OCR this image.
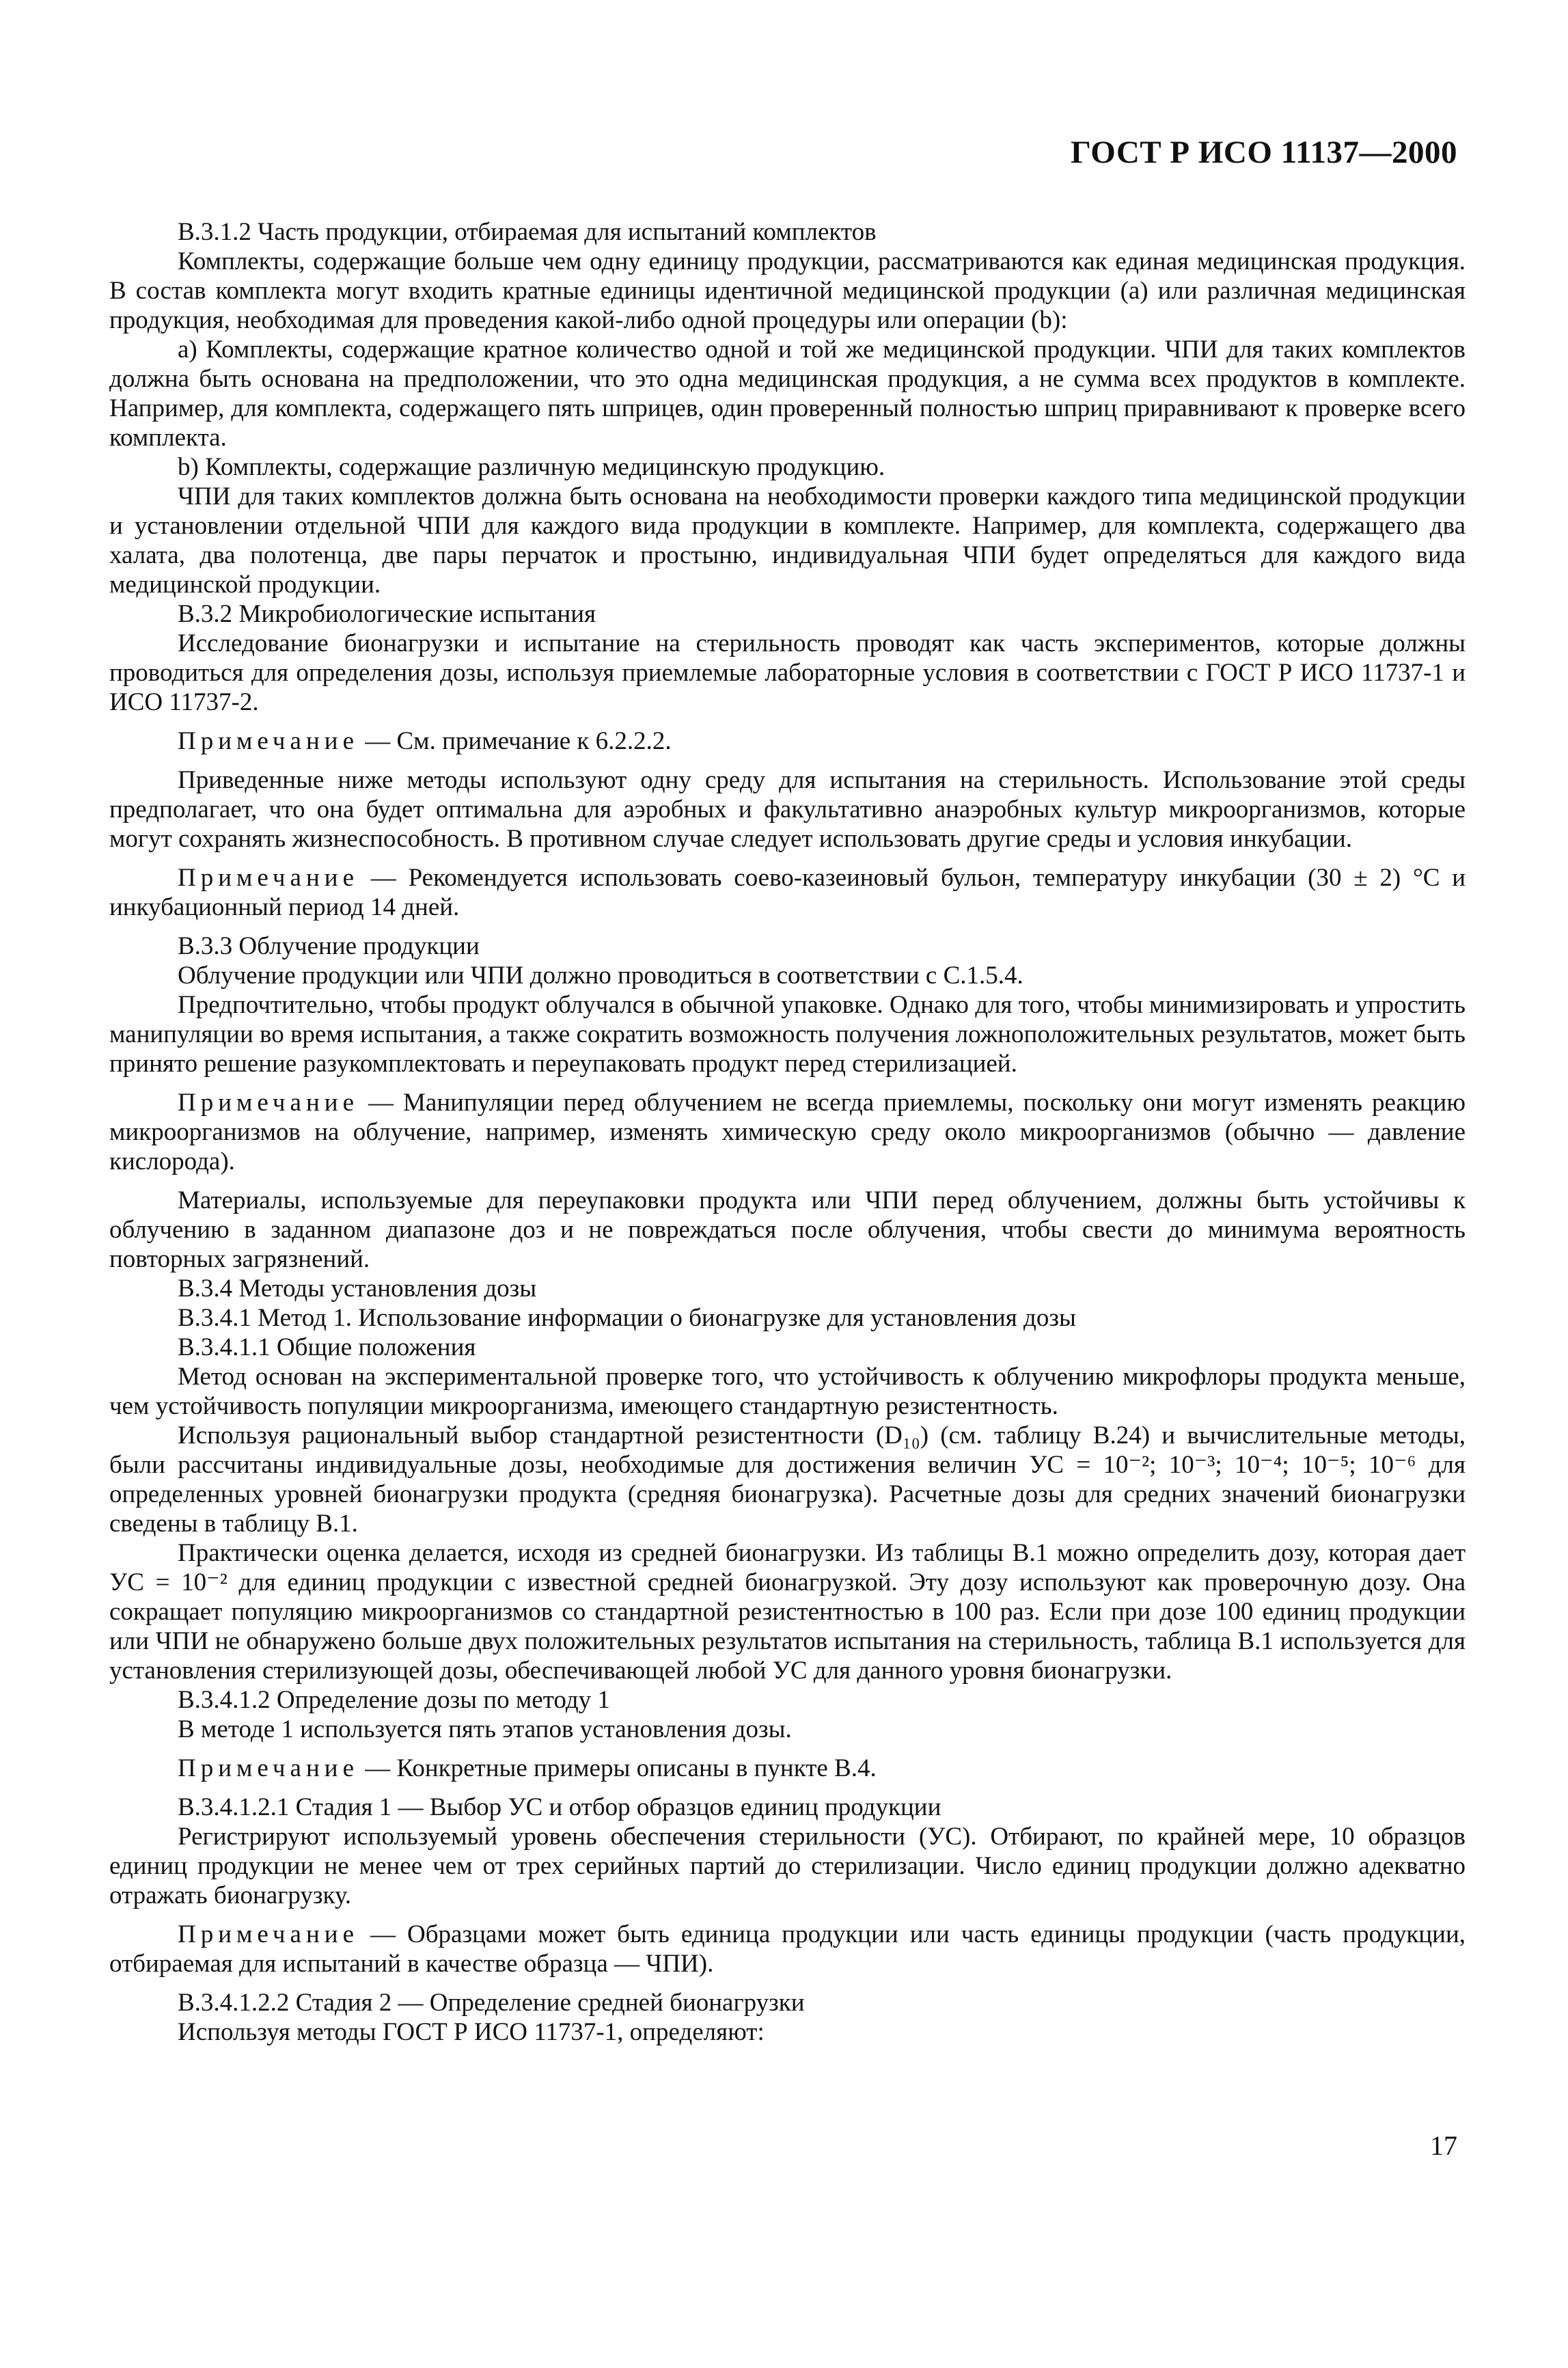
ГОСТ Р ИСО 11137—2000

B.3.1.2 Часть продукции, отбираемая для испытаний комплектов

Комплекты, содержащие больше чем одну единицу продукции, рассматриваются как единая медицинская продукция. В состав комплекта могут входить кратные единицы идентичной медицинской продукции (а) или различная медицинская продукция, необходимая для проведения какой-либо одной процедуры или операции (b):

a) Комплекты, содержащие кратное количество одной и той же медицинской продукции. ЧПИ для таких комплектов должна быть основана на предположении, что это одна медицинская продукция, а не сумма всех продуктов в комплекте. Например, для комплекта, содержащего пять шприцев, один проверенный полностью шприц приравнивают к проверке всего комплекта.

b) Комплекты, содержащие различную медицинскую продукцию.

ЧПИ для таких комплектов должна быть основана на необходимости проверки каждого типа медицинской продукции и установлении отдельной ЧПИ для каждого вида продукции в комплекте. Например, для комплекта, содержащего два халата, два полотенца, две пары перчаток и простыню, индивидуальная ЧПИ будет определяться для каждого вида медицинской продукции.

B.3.2 Микробиологические испытания

Исследование бионагрузки и испытание на стерильность проводят как часть экспериментов, которые должны проводиться для определения дозы, используя приемлемые лабораторные условия в соответствии с ГОСТ Р ИСО 11737-1 и ИСО 11737-2.

Примечание — См. примечание к 6.2.2.2.

Приведенные ниже методы используют одну среду для испытания на стерильность. Использование этой среды предполагает, что она будет оптимальна для аэробных и факультативно анаэробных культур микроорганизмов, которые могут сохранять жизнеспособность. В противном случае следует использовать другие среды и условия инкубации.

Примечание — Рекомендуется использовать соево-казеиновый бульон, температуру инкубации (30 ± 2) °С и инкубационный период 14 дней.

B.3.3 Облучение продукции

Облучение продукции или ЧПИ должно проводиться в соответствии с С.1.5.4.

Предпочтительно, чтобы продукт облучался в обычной упаковке. Однако для того, чтобы минимизировать и упростить манипуляции во время испытания, а также сократить возможность получения ложноположительных результатов, может быть принято решение разукомплектовать и переупаковать продукт перед стерилизацией.

Примечание — Манипуляции перед облучением не всегда приемлемы, поскольку они могут изменять реакцию микроорганизмов на облучение, например, изменять химическую среду около микроорганизмов (обычно — давление кислорода).

Материалы, используемые для переупаковки продукта или ЧПИ перед облучением, должны быть устойчивы к облучению в заданном диапазоне доз и не повреждаться после облучения, чтобы свести до минимума вероятность повторных загрязнений.

B.3.4 Методы установления дозы

B.3.4.1 Метод 1. Использование информации о бионагрузке для установления дозы

B.3.4.1.1 Общие положения

Метод основан на экспериментальной проверке того, что устойчивость к облучению микрофлоры продукта меньше, чем устойчивость популяции микроорганизма, имеющего стандартную резистентность.

Используя рациональный выбор стандартной резистентности (D₁₀) (см. таблицу B.24) и вычислительные методы, были рассчитаны индивидуальные дозы, необходимые для достижения величин УС = 10⁻²; 10⁻³; 10⁻⁴; 10⁻⁵; 10⁻⁶ для определенных уровней бионагрузки продукта (средняя бионагрузка). Расчетные дозы для средних значений бионагрузки сведены в таблицу В.1.

Практически оценка делается, исходя из средней бионагрузки. Из таблицы В.1 можно определить дозу, которая дает УС = 10⁻² для единиц продукции с известной средней бионагрузкой. Эту дозу используют как проверочную дозу. Она сокращает популяцию микроорганизмов со стандартной резистентностью в 100 раз. Если при дозе 100 единиц продукции или ЧПИ не обнаружено больше двух положительных результатов испытания на стерильность, таблица В.1 используется для установления стерилизующей дозы, обеспечивающей любой УС для данного уровня бионагрузки.

B.3.4.1.2 Определение дозы по методу 1

В методе 1 используется пять этапов установления дозы.

Примечание — Конкретные примеры описаны в пункте В.4.

B.3.4.1.2.1 Стадия 1 — Выбор УС и отбор образцов единиц продукции

Регистрируют используемый уровень обеспечения стерильности (УС). Отбирают, по крайней мере, 10 образцов единиц продукции не менее чем от трех серийных партий до стерилизации. Число единиц продукции должно адекватно отражать бионагрузку.

Примечание — Образцами может быть единица продукции или часть единицы продукции (часть продукции, отбираемая для испытаний в качестве образца — ЧПИ).

B.3.4.1.2.2 Стадия 2 — Определение средней бионагрузки

Используя методы ГОСТ Р ИСО 11737-1, определяют:

17
